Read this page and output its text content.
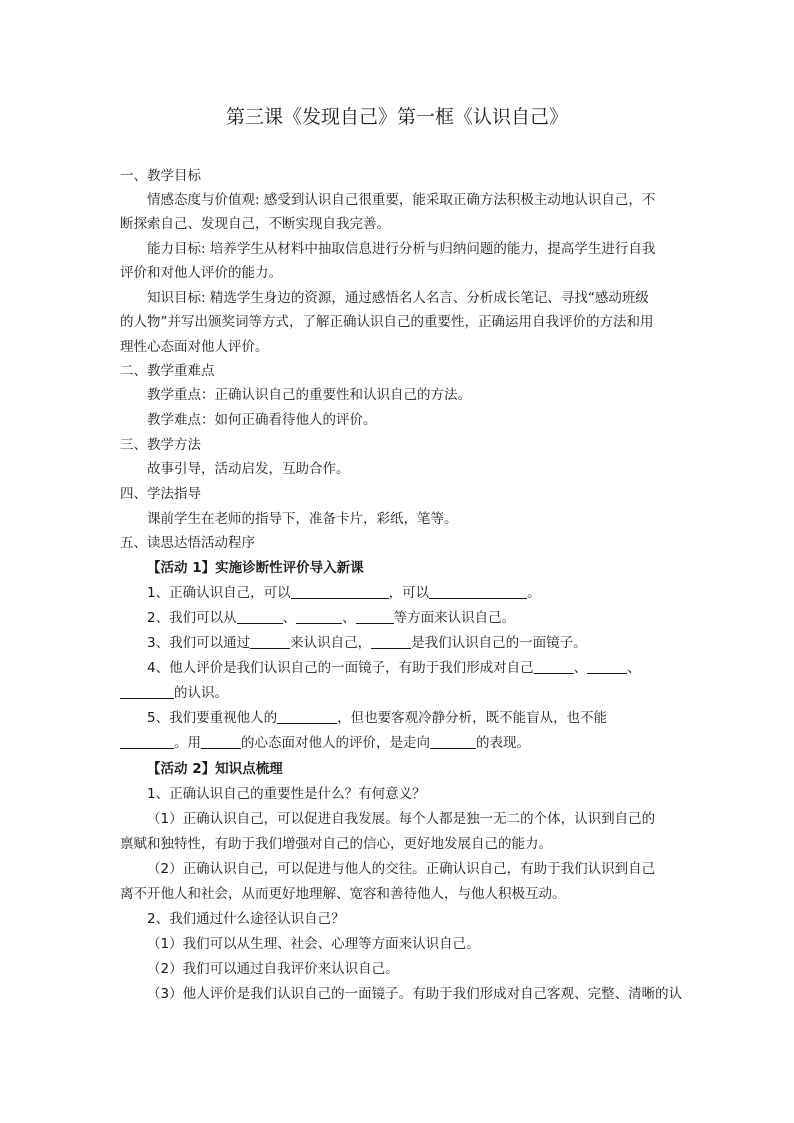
第三课《发现自己》第一框《认识自己》
一、教学目标
情感态度与价值观: 感受到认识自己很重要，能采取正确方法积极主动地认识自己，不
断探索自己、发现自己，不断实现自我完善。
能力目标: 培养学生从材料中抽取信息进行分析与归纳问题的能力，提高学生进行自我
评价和对他人评价的能力。
知识目标: 精选学生身边的资源，通过感悟名人名言、分析成长笔记、寻找“感动班级
的人物”并写出颁奖词等方式，了解正确认识自己的重要性，正确运用自我评价的方法和用
理性心态面对他人评价。
二、教学重难点
教学重点：正确认识自己的重要性和认识自己的方法。
教学难点：如何正确看待他人的评价。
三、教学方法
故事引导，活动启发，互助合作。
四、学法指导
课前学生在老师的指导下，准备卡片，彩纸，笔等。
五、读思达悟活动程序
【活动 1】实施诊断性评价导入新课
1、正确认识自己，可以	，可以	。
2、我们可以从	、	、	等方面来认识自己。
3、我们可以通过	来认识自己，	是我们认识自己的一面镜子。
4、他人评价是我们认识自己的一面镜子，有助于我们形成对自己	、	、
的认识。
5、我们要重视他人的	，但也要客观冷静分析，既不能盲从，也不能
。用	的心态面对他人的评价，是走向	的表现。
【活动 2】知识点梳理
1、正确认识自己的重要性是什么？有何意义？
（1）正确认识自己，可以促进自我发展。每个人都是独一无二的个体，认识到自己的
禀赋和独特性，有助于我们增强对自己的信心，更好地发展自己的能力。
（2）正确认识自己，可以促进与他人的交往。正确认识自己，有助于我们认识到自己
离不开他人和社会，从而更好地理解、宽容和善待他人，与他人积极互动。
2、我们通过什么途径认识自己？
（1）我们可以从生理、社会、心理等方面来认识自己。
（2）我们可以通过自我评价来认识自己。
（3）他人评价是我们认识自己的一面镜子。有助于我们形成对自己客观、完整、清晰的认
